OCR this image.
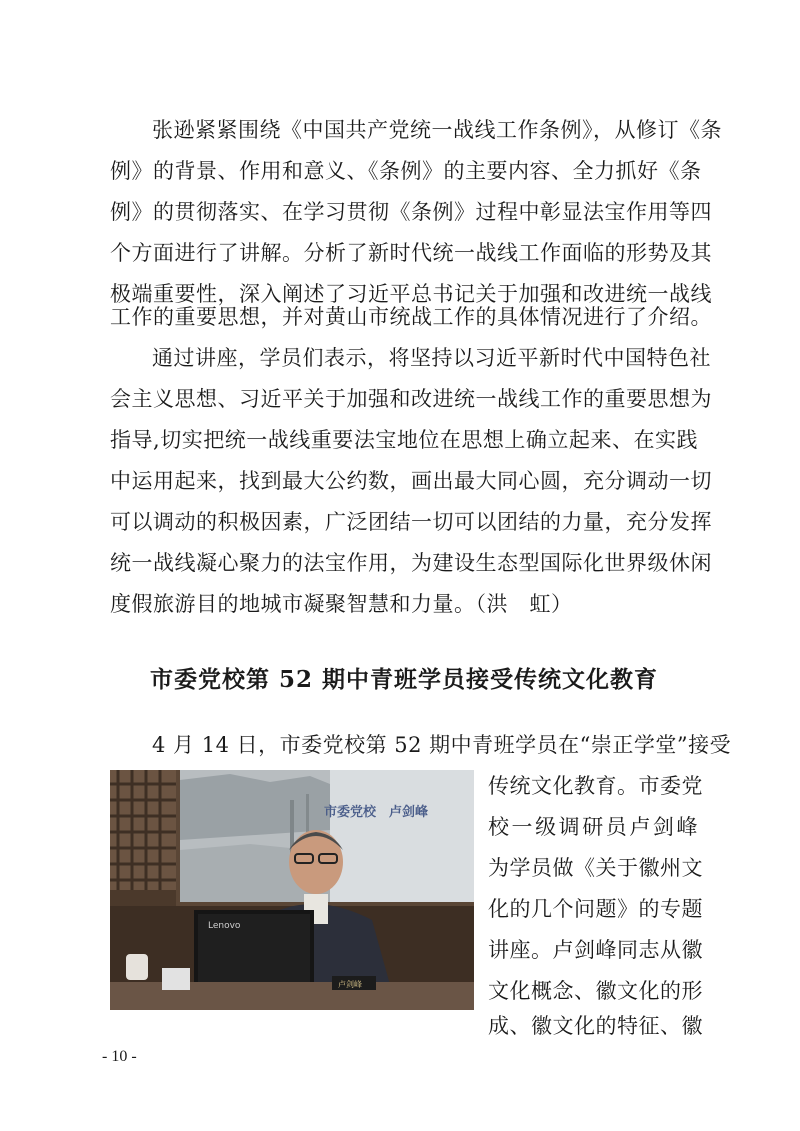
张逊紧紧围绕《中国共产党统一战线工作条例》，从修订《条
例》的背景、作用和意义、《条例》的主要内容、全力抓好《条
例》的贯彻落实、在学习贯彻《条例》过程中彰显法宝作用等四
个方面进行了讲解。分析了新时代统一战线工作面临的形势及其
极端重要性，深入阐述了习近平总书记关于加强和改进统一战线
工作的重要思想，并对黄山市统战工作的具体情况进行了介绍。
通过讲座，学员们表示，将坚持以习近平新时代中国特色社
会主义思想、习近平关于加强和改进统一战线工作的重要思想为
指导,切实把统一战线重要法宝地位在思想上确立起来、在实践
中运用起来，找到最大公约数，画出最大同心圆，充分调动一切
可以调动的积极因素，广泛团结一切可以团结的力量，充分发挥
统一战线凝心聚力的法宝作用，为建设生态型国际化世界级休闲
度假旅游目的地城市凝聚智慧和力量。（洪　虹）
市委党校第 52 期中青班学员接受传统文化教育
4 月 14 日，市委党校第 52 期中青班学员在“崇正学堂”接受
传统文化教育。市委党
校一级调研员卢剑峰
为学员做《关于徽州文
化的几个问题》的专题
讲座。卢剑峰同志从徽
文化概念、徽文化的形
成、徽文化的特征、徽
市委党校　卢剑峰
Lenovo
卢剑峰
- 10 -
